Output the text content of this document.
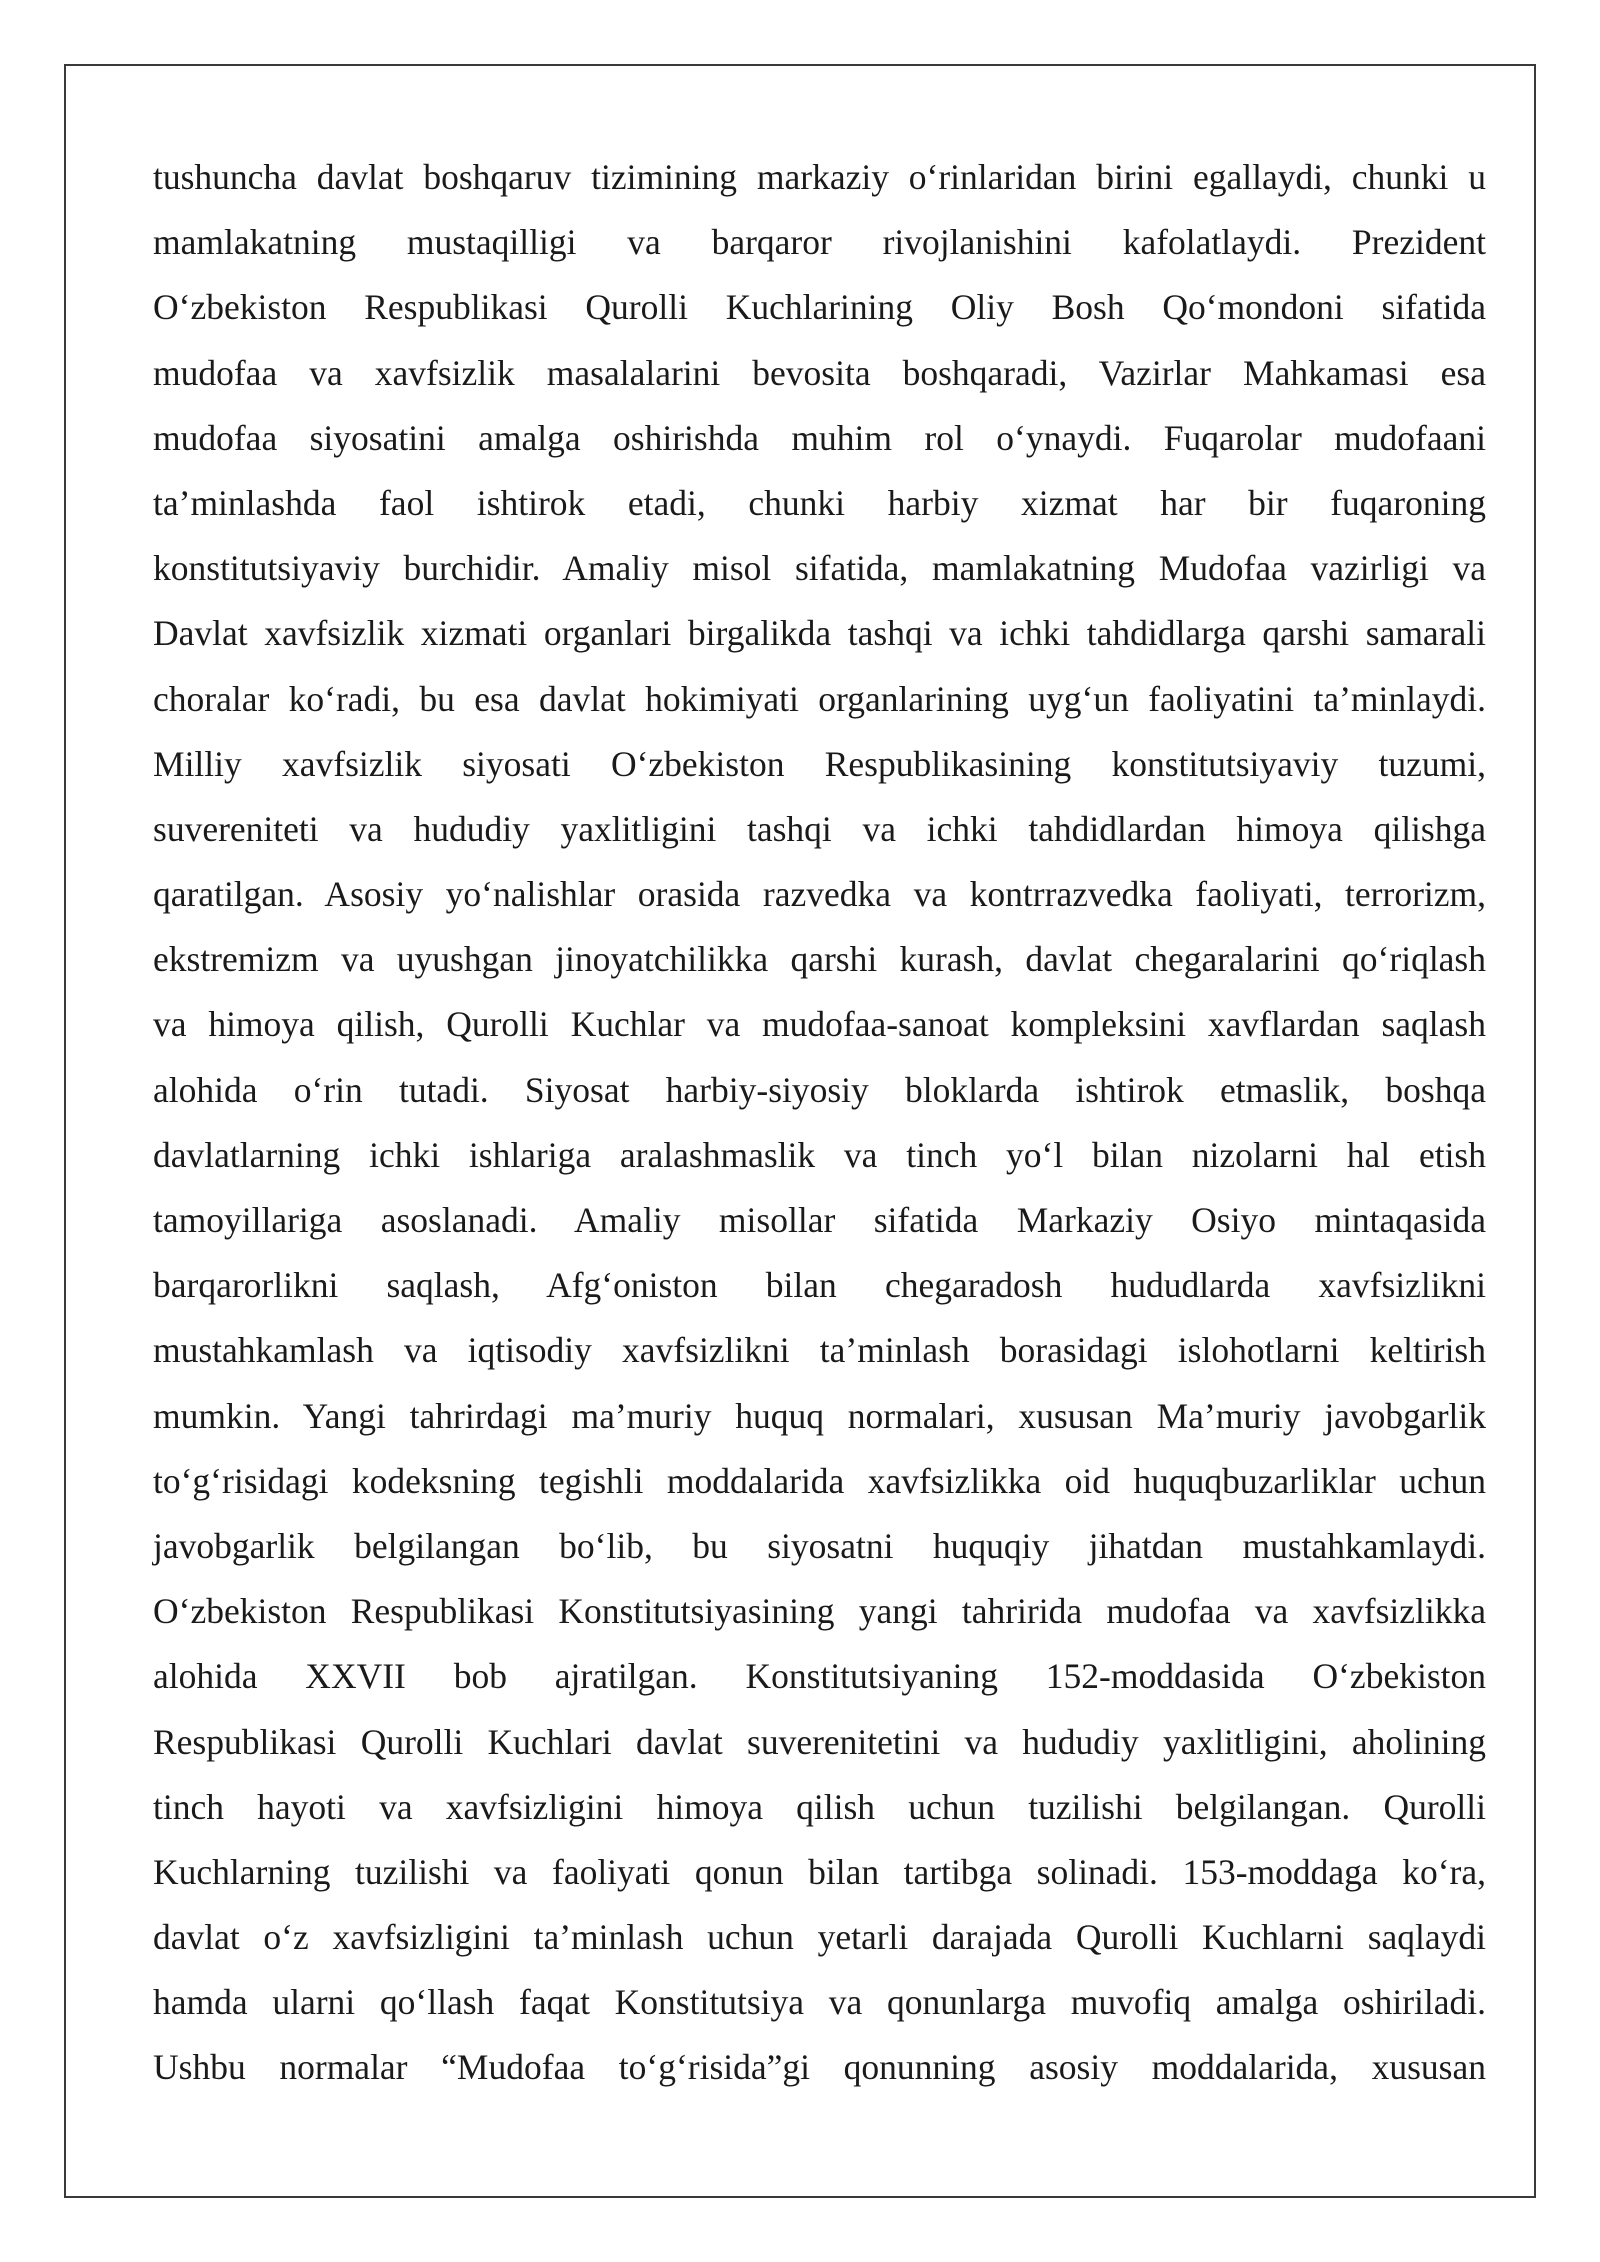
tushuncha davlat boshqaruv tizimining markaziy o‘rinlaridan birini egallaydi, chunki u
mamlakatning mustaqilligi va barqaror rivojlanishini kafolatlaydi. Prezident
O‘zbekiston Respublikasi Qurolli Kuchlarining Oliy Bosh Qo‘mondoni sifatida
mudofaa va xavfsizlik masalalarini bevosita boshqaradi, Vazirlar Mahkamasi esa
mudofaa siyosatini amalga oshirishda muhim rol o‘ynaydi. Fuqarolar mudofaani
ta’minlashda faol ishtirok etadi, chunki harbiy xizmat har bir fuqaroning
konstitutsiyaviy burchidir. Amaliy misol sifatida, mamlakatning Mudofaa vazirligi va
Davlat xavfsizlik xizmati organlari birgalikda tashqi va ichki tahdidlarga qarshi samarali
choralar ko‘radi, bu esa davlat hokimiyati organlarining uyg‘un faoliyatini ta’minlaydi.
Milliy xavfsizlik siyosati O‘zbekiston Respublikasining konstitutsiyaviy tuzumi,
suvereniteti va hududiy yaxlitligini tashqi va ichki tahdidlardan himoya qilishga
qaratilgan. Asosiy yo‘nalishlar orasida razvedka va kontrrazvedka faoliyati, terrorizm,
ekstremizm va uyushgan jinoyatchilikka qarshi kurash, davlat chegaralarini qo‘riqlash
va himoya qilish, Qurolli Kuchlar va mudofaa-sanoat kompleksini xavflardan saqlash
alohida o‘rin tutadi. Siyosat harbiy-siyosiy bloklarda ishtirok etmaslik, boshqa
davlatlarning ichki ishlariga aralashmaslik va tinch yo‘l bilan nizolarni hal etish
tamoyillariga asoslanadi. Amaliy misollar sifatida Markaziy Osiyo mintaqasida
barqarorlikni saqlash, Afg‘oniston bilan chegaradosh hududlarda xavfsizlikni
mustahkamlash va iqtisodiy xavfsizlikni ta’minlash borasidagi islohotlarni keltirish
mumkin. Yangi tahrirdagi ma’muriy huquq normalari, xususan Ma’muriy javobgarlik
to‘g‘risidagi kodeksning tegishli moddalarida xavfsizlikka oid huquqbuzarliklar uchun
javobgarlik belgilangan bo‘lib, bu siyosatni huquqiy jihatdan mustahkamlaydi.
O‘zbekiston Respublikasi Konstitutsiyasining yangi tahririda mudofaa va xavfsizlikka
alohida XXVII bob ajratilgan. Konstitutsiyaning 152-moddasida O‘zbekiston
Respublikasi Qurolli Kuchlari davlat suverenitetini va hududiy yaxlitligini, aholining
tinch hayoti va xavfsizligini himoya qilish uchun tuzilishi belgilangan. Qurolli
Kuchlarning tuzilishi va faoliyati qonun bilan tartibga solinadi. 153-moddaga ko‘ra,
davlat o‘z xavfsizligini ta’minlash uchun yetarli darajada Qurolli Kuchlarni saqlaydi
hamda ularni qo‘llash faqat Konstitutsiya va qonunlarga muvofiq amalga oshiriladi.
Ushbu normalar “Mudofaa to‘g‘risida”gi qonunning asosiy moddalarida, xususan
